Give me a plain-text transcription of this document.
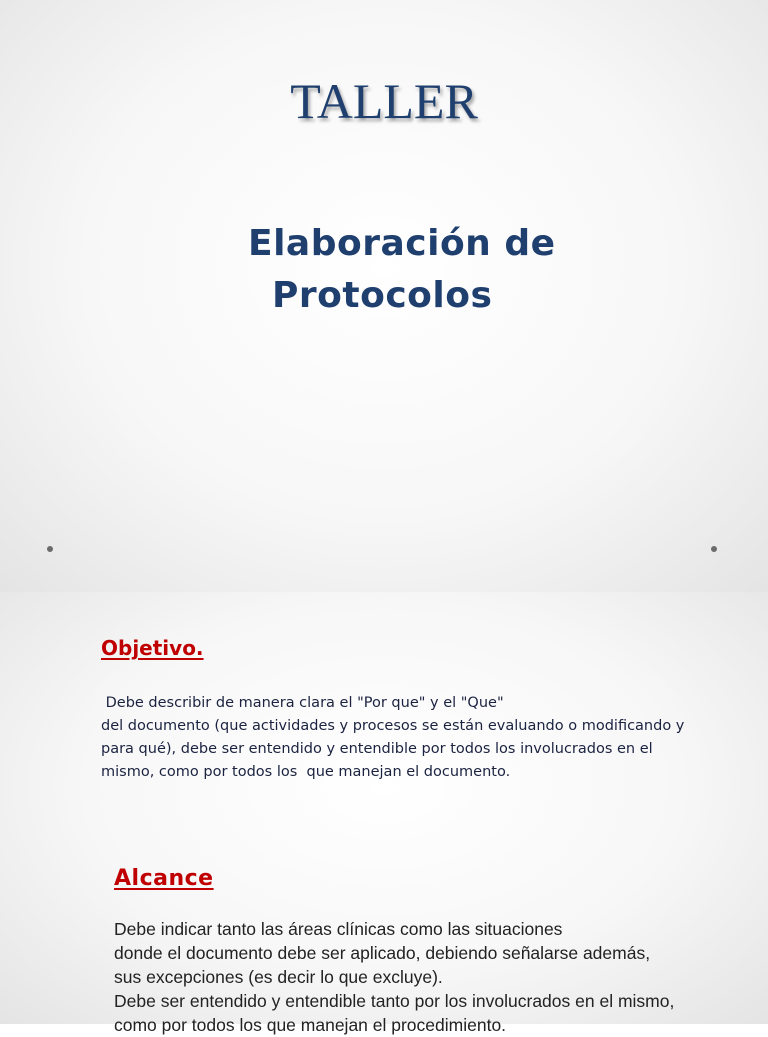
TALLER
Elaboración de
Protocolos
Objetivo.

Debe describir de manera clara el "Por que" y el "Que"
del documento (que actividades y procesos se están evaluando o modificando y
para qué), debe ser entendido y entendible por todos los involucrados en el
mismo, como por todos los  que manejan el documento.

Alcance

Debe indicar tanto las áreas clínicas como las situaciones
donde el documento debe ser aplicado, debiendo señalarse además,
sus excepciones (es decir lo que excluye).
Debe ser entendido y entendible tanto por los involucrados en el mismo,
como por todos los que manejan el procedimiento.
